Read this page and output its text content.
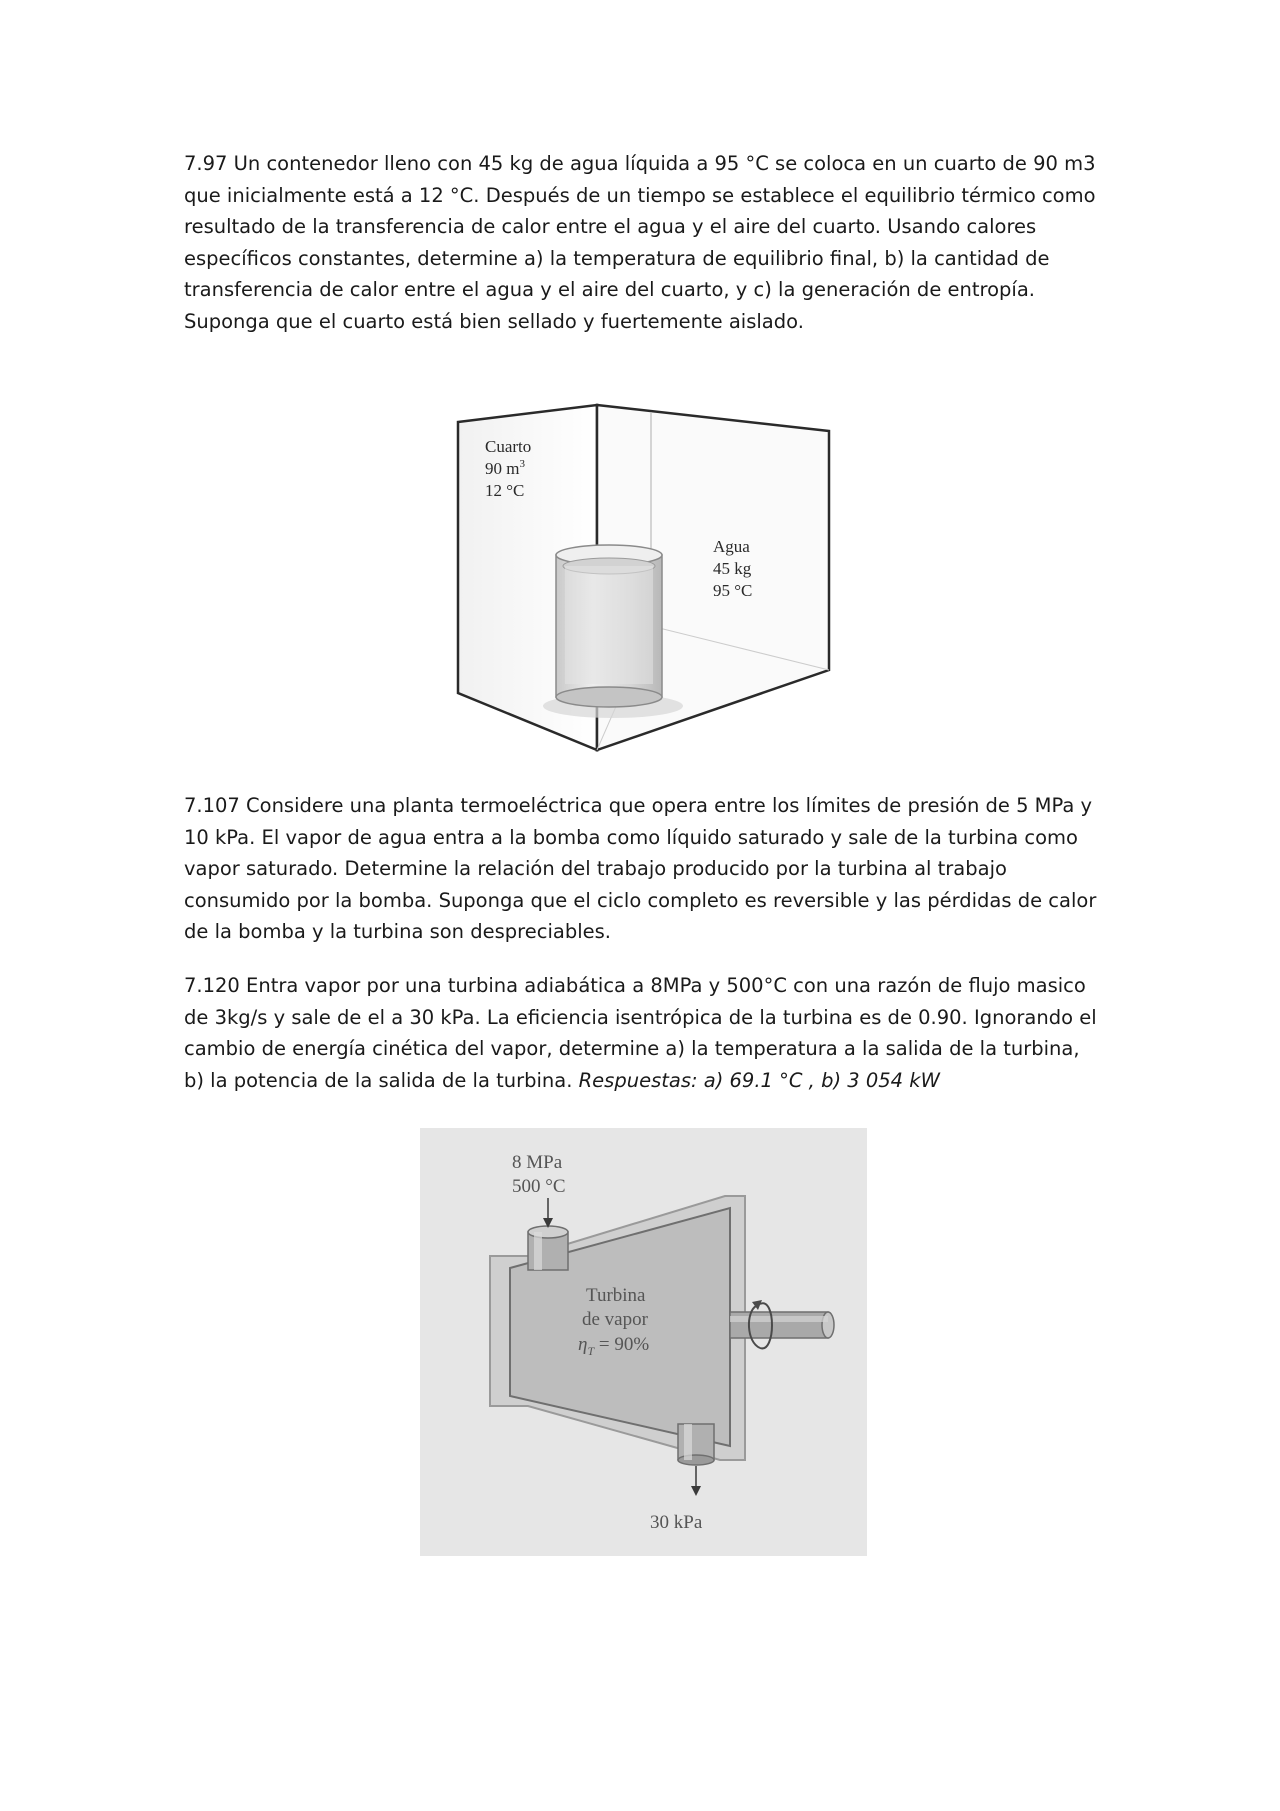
7.97 Un contenedor lleno con 45 kg de agua líquida a 95 °C se coloca en un cuarto de 90 m3 que inicialmente está a 12 °C. Después de un tiempo se establece el equilibrio térmico como resultado de la transferencia de calor entre el agua y el aire del cuarto. Usando calores específicos constantes, determine a) la temperatura de equilibrio final, b) la cantidad de transferencia de calor entre el agua y el aire del cuarto, y c) la generación de entropía. Suponga que el cuarto está bien sellado y fuertemente aislado.

Cuarto
90 $m^3$
12 °C
Agua
45 kg
95 °C

7.107 Considere una planta termoeléctrica que opera entre los límites de presión de 5 MPa y 10 kPa. El vapor de agua entra a la bomba como líquido saturado y sale de la turbina como vapor saturado. Determine la relación del trabajo producido por la turbina al trabajo consumido por la bomba. Suponga que el ciclo completo es reversible y las pérdidas de calor de la bomba y la turbina son despreciables.

7.120 Entra vapor por una turbina adiabática a 8MPa y 500°C con una razón de flujo masico de 3kg/s y sale de el a 30 kPa. La eficiencia isentrópica de la turbina es de 0.90. Ignorando el cambio de energía cinética del vapor, determine a) la temperatura a la salida de la turbina, b) la potencia de la salida de la turbina. Respuestas: a) 69.1 °C , b) 3 054 kW

8 MPa
500 °C
Turbina
de vapor
$\eta_T = 90\%$
30 kPa
